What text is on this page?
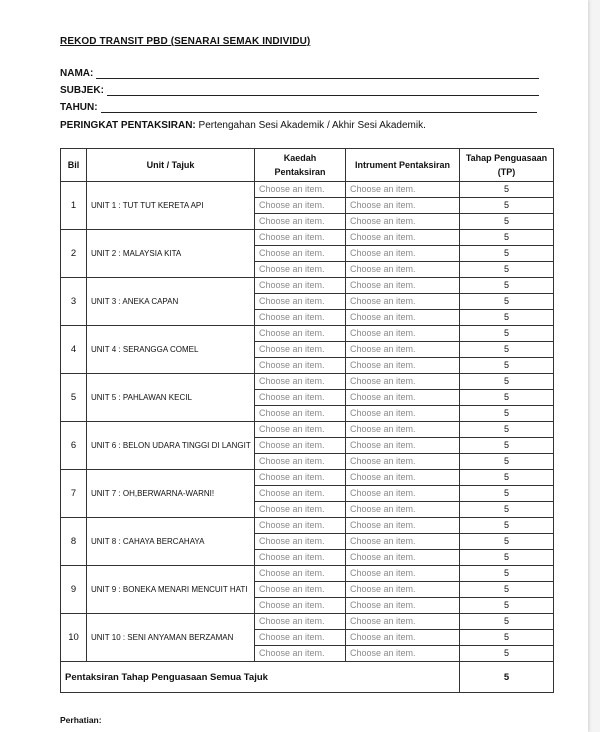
REKOD TRANSIT PBD (SENARAI SEMAK INDIVIDU)
NAMA:
SUBJEK:
TAHUN:
PERINGKAT PENTAKSIRAN: Pertengahan Sesi Akademik / Akhir Sesi Akademik.
Bil	Unit / Tajuk	Kaedah Pentaksiran	Intrument Pentaksiran	Tahap Penguasaan (TP)
1	UNIT 1 : TUT TUT KERETA API	Choose an item.	Choose an item.	5
		Choose an item.	Choose an item.	5
		Choose an item.	Choose an item.	5
2	UNIT 2 : MALAYSIA KITA	Choose an item.	Choose an item.	5
		Choose an item.	Choose an item.	5
		Choose an item.	Choose an item.	5
3	UNIT 3 : ANEKA CAPAN	Choose an item.	Choose an item.	5
		Choose an item.	Choose an item.	5
		Choose an item.	Choose an item.	5
4	UNIT 4 : SERANGGA COMEL	Choose an item.	Choose an item.	5
		Choose an item.	Choose an item.	5
		Choose an item.	Choose an item.	5
5	UNIT 5 : PAHLAWAN KECIL	Choose an item.	Choose an item.	5
		Choose an item.	Choose an item.	5
		Choose an item.	Choose an item.	5
6	UNIT 6 : BELON UDARA TINGGI DI LANGIT	Choose an item.	Choose an item.	5
		Choose an item.	Choose an item.	5
		Choose an item.	Choose an item.	5
7	UNIT 7 : OH,BERWARNA-WARNI!	Choose an item.	Choose an item.	5
		Choose an item.	Choose an item.	5
		Choose an item.	Choose an item.	5
8	UNIT 8 : CAHAYA BERCAHAYA	Choose an item.	Choose an item.	5
		Choose an item.	Choose an item.	5
		Choose an item.	Choose an item.	5
9	UNIT 9 : BONEKA MENARI MENCUIT HATI	Choose an item.	Choose an item.	5
		Choose an item.	Choose an item.	5
		Choose an item.	Choose an item.	5
10	UNIT 10 : SENI ANYAMAN BERZAMAN	Choose an item.	Choose an item.	5
		Choose an item.	Choose an item.	5
		Choose an item.	Choose an item.	5
Pentaksiran Tahap Penguasaan Semua Tajuk				5
Perhatian:
